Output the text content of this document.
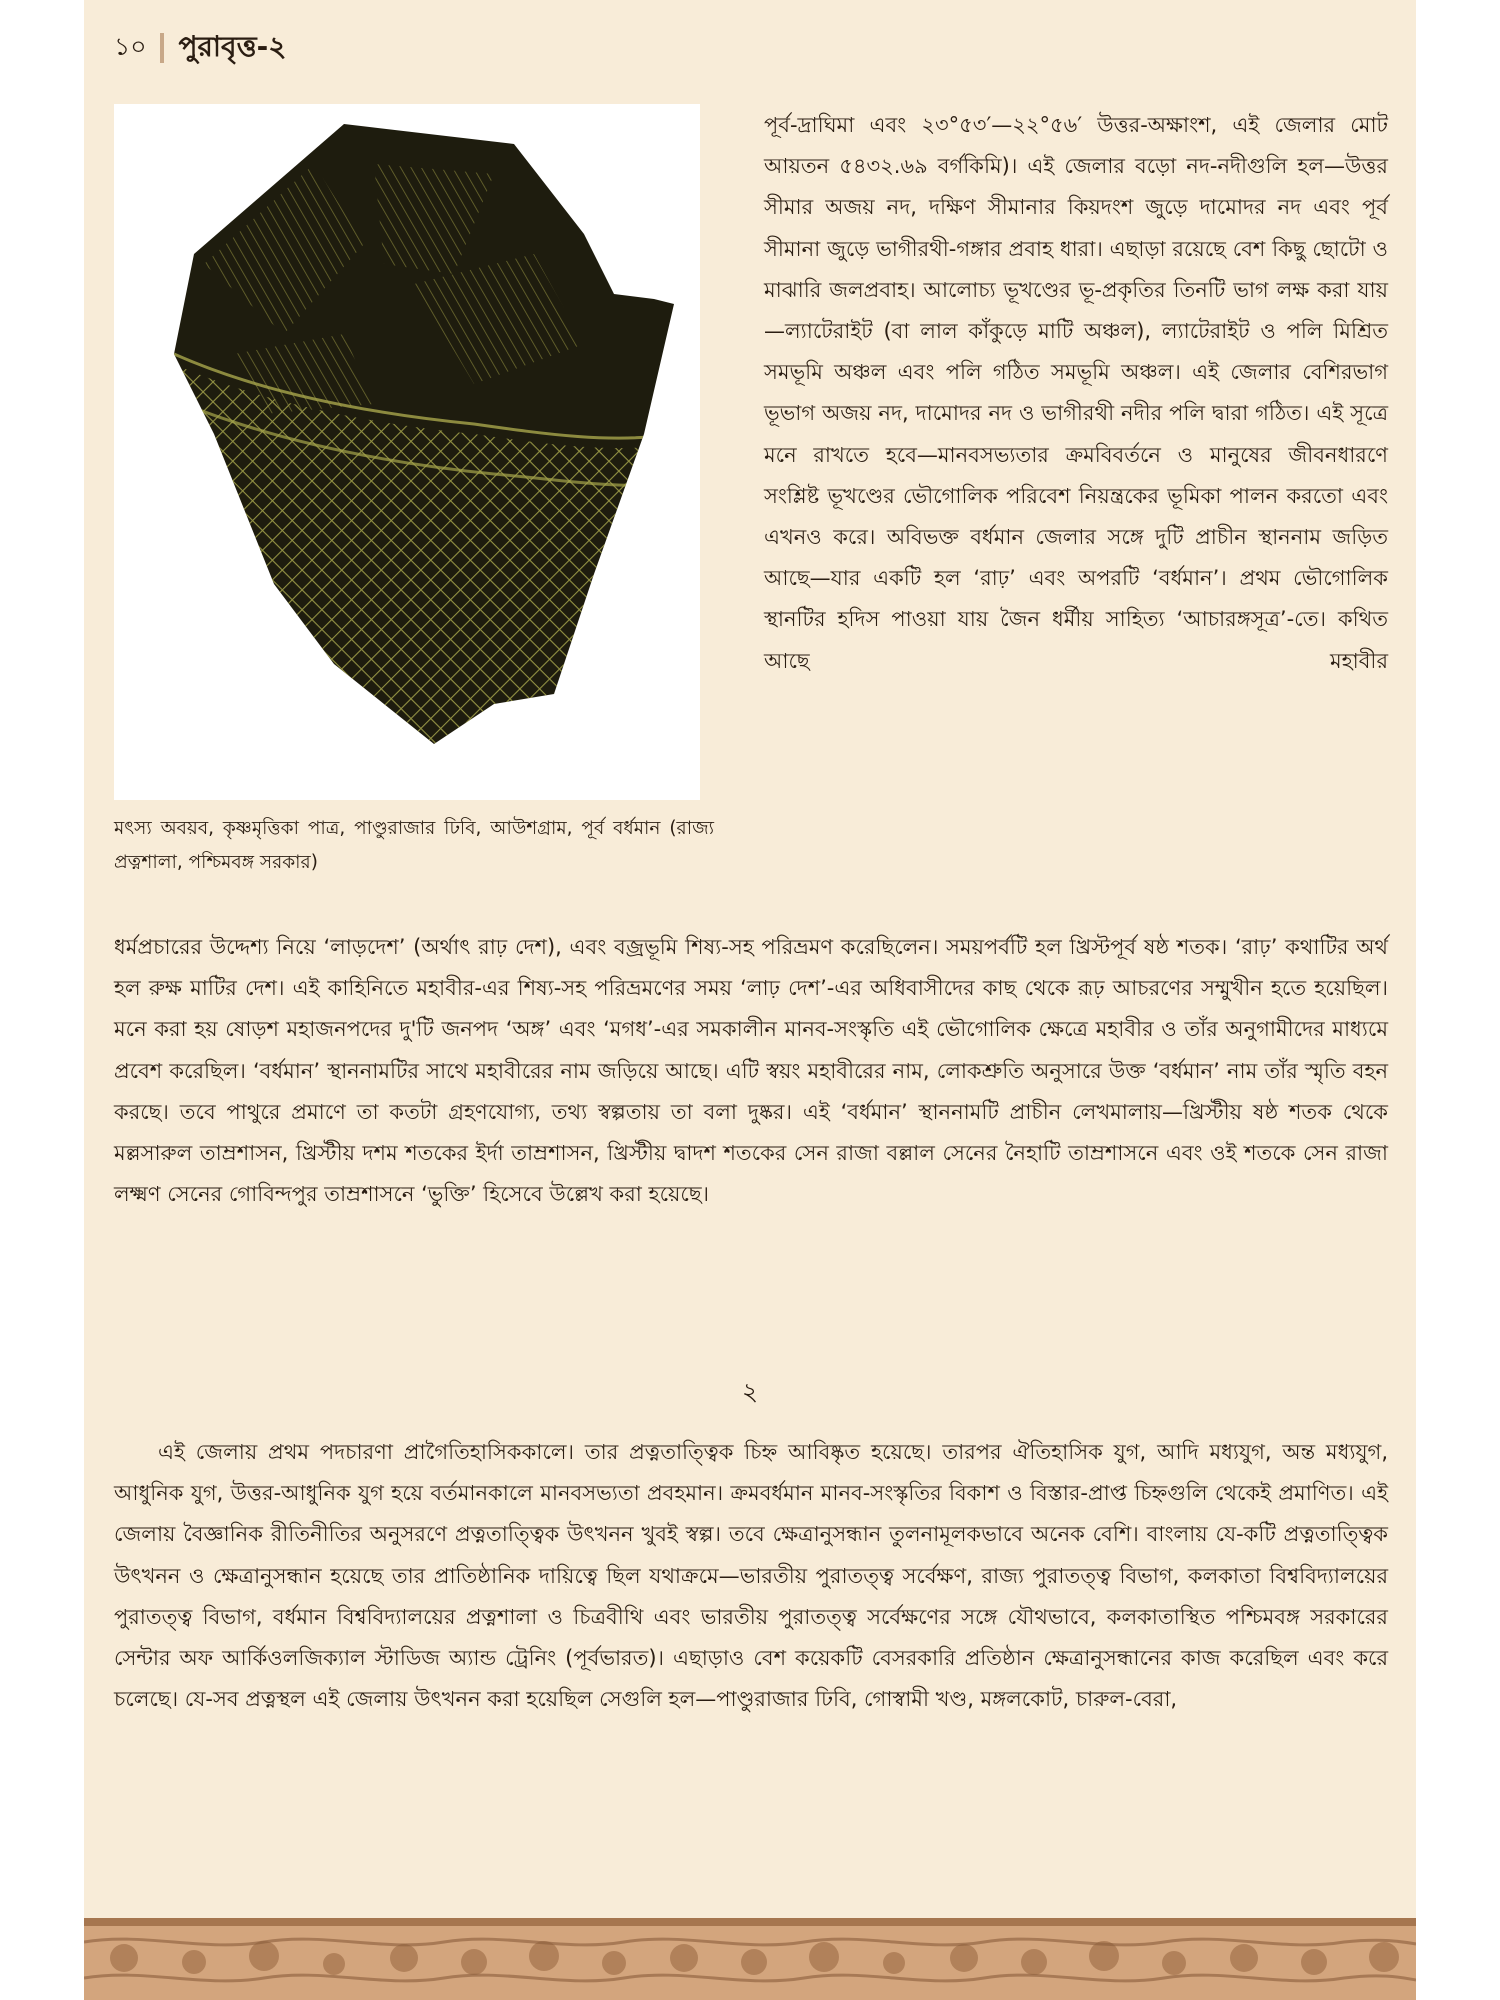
১০ পুরাবৃত্ত-২
মৎস্য অবয়ব, কৃষ্ণমৃত্তিকা পাত্র, পাণ্ডুরাজার ঢিবি, আউশগ্রাম, পূর্ব বর্ধমান (রাজ্য প্রত্নশালা, পশ্চিমবঙ্গ সরকার)
পূর্ব-দ্রাঘিমা এবং ২৩°৫৩′—২২°৫৬′ উত্তর-অক্ষাংশ, এই জেলার মোট আয়তন ৫৪৩২.৬৯ বর্গকিমি)। এই জেলার বড়ো নদ-নদীগুলি হল—উত্তর সীমার অজয় নদ, দক্ষিণ সীমানার কিয়দংশ জুড়ে দামোদর নদ এবং পূর্ব সীমানা জুড়ে ভাগীরথী-গঙ্গার প্রবাহ ধারা। এছাড়া রয়েছে বেশ কিছু ছোটো ও মাঝারি জলপ্রবাহ। আলোচ্য ভূখণ্ডের ভূ-প্রকৃতির তিনটি ভাগ লক্ষ করা যায়—ল্যাটেরাইট (বা লাল কাঁকুড়ে মাটি অঞ্চল), ল্যাটেরাইট ও পলি মিশ্রিত সমভূমি অঞ্চল এবং পলি গঠিত সমভূমি অঞ্চল। এই জেলার বেশিরভাগ ভূভাগ অজয় নদ, দামোদর নদ ও ভাগীরথী নদীর পলি দ্বারা গঠিত। এই সূত্রে মনে রাখতে হবে—মানবসভ্যতার ক্রমবিবর্তনে ও মানুষের জীবনধারণে সংশ্লিষ্ট ভূখণ্ডের ভৌগোলিক পরিবেশ নিয়ন্ত্রকের ভূমিকা পালন করতো এবং এখনও করে। অবিভক্ত বর্ধমান জেলার সঙ্গে দুটি প্রাচীন স্থাননাম জড়িত আছে—যার একটি হল ‘রাঢ়’ এবং অপরটি ‘বর্ধমান’। প্রথম ভৌগোলিক স্থানটির হদিস পাওয়া যায় জৈন ধর্মীয় সাহিত্য ‘আচারঙ্গসূত্র’-তে। কথিত আছে মহাবীর
ধর্মপ্রচারের উদ্দেশ্য নিয়ে ‘লাড়দেশ’ (অর্থাৎ রাঢ় দেশ), এবং বজ্রভূমি শিষ্য-সহ পরিভ্রমণ করেছিলেন। সময়পর্বটি হল খ্রিস্টপূর্ব ষষ্ঠ শতক। ‘রাঢ়’ কথাটির অর্থ হল রুক্ষ মাটির দেশ। এই কাহিনিতে মহাবীর-এর শিষ্য-সহ পরিভ্রমণের সময় ‘লাঢ় দেশ’-এর অধিবাসীদের কাছ থেকে রূঢ় আচরণের সম্মুখীন হতে হয়েছিল। মনে করা হয় ষোড়শ মহাজনপদের দু'টি জনপদ ‘অঙ্গ’ এবং ‘মগধ’-এর সমকালীন মানব-সংস্কৃতি এই ভৌগোলিক ক্ষেত্রে মহাবীর ও তাঁর অনুগামীদের মাধ্যমে প্রবেশ করেছিল। ‘বর্ধমান’ স্থাননামটির সাথে মহাবীরের নাম জড়িয়ে আছে। এটি স্বয়ং মহাবীরের নাম, লোকশ্রুতি অনুসারে উক্ত ‘বর্ধমান’ নাম তাঁর স্মৃতি বহন করছে। তবে পাথুরে প্রমাণে তা কতটা গ্রহণযোগ্য, তথ্য স্বল্পতায় তা বলা দুষ্কর। এই ‘বর্ধমান’ স্থাননামটি প্রাচীন লেখমালায়—খ্রিস্টীয় ষষ্ঠ শতক থেকে মল্লসারুল তাম্রশাসন, খ্রিস্টীয় দশম শতকের ইর্দা তাম্রশাসন, খ্রিস্টীয় দ্বাদশ শতকের সেন রাজা বল্লাল সেনের নৈহাটি তাম্রশাসনে এবং ওই শতকে সেন রাজা লক্ষ্মণ সেনের গোবিন্দপুর তাম্রশাসনে ‘ভুক্তি’ হিসেবে উল্লেখ করা হয়েছে।
২
এই জেলায় প্রথম পদচারণা প্রাগৈতিহাসিককালে। তার প্রত্নতাত্ত্বিক চিহ্ন আবিষ্কৃত হয়েছে। তারপর ঐতিহাসিক যুগ, আদি মধ্যযুগ, অন্ত মধ্যযুগ, আধুনিক যুগ, উত্তর-আধুনিক যুগ হয়ে বর্তমানকালে মানবসভ্যতা প্রবহমান। ক্রমবর্ধমান মানব-সংস্কৃতির বিকাশ ও বিস্তার-প্রাপ্ত চিহ্নগুলি থেকেই প্রমাণিত। এই জেলায় বৈজ্ঞানিক রীতিনীতির অনুসরণে প্রত্নতাত্ত্বিক উৎখনন খুবই স্বল্প। তবে ক্ষেত্রানুসন্ধান তুলনামূলকভাবে অনেক বেশি। বাংলায় যে-কটি প্রত্নতাত্ত্বিক উৎখনন ও ক্ষেত্রানুসন্ধান হয়েছে তার প্রাতিষ্ঠানিক দায়িত্বে ছিল যথাক্রমে—ভারতীয় পুরাতত্ত্ব সর্বেক্ষণ, রাজ্য পুরাতত্ত্ব বিভাগ, কলকাতা বিশ্ববিদ্যালয়ের পুরাতত্ত্ব বিভাগ, বর্ধমান বিশ্ববিদ্যালয়ের প্রত্নশালা ও চিত্রবীথি এবং ভারতীয় পুরাতত্ত্ব সর্বেক্ষণের সঙ্গে যৌথভাবে, কলকাতাস্থিত পশ্চিমবঙ্গ সরকারের সেন্টার অফ আর্কিওলজিক্যাল স্টাডিজ অ্যান্ড ট্রেনিং (পূর্বভারত)। এছাড়াও বেশ কয়েকটি বেসরকারি প্রতিষ্ঠান ক্ষেত্রানুসন্ধানের কাজ করেছিল এবং করে চলেছে। যে-সব প্রত্নস্থল এই জেলায় উৎখনন করা হয়েছিল সেগুলি হল—পাণ্ডুরাজার ঢিবি, গোস্বামী খণ্ড, মঙ্গলকোট, চারুল-বেরা,
